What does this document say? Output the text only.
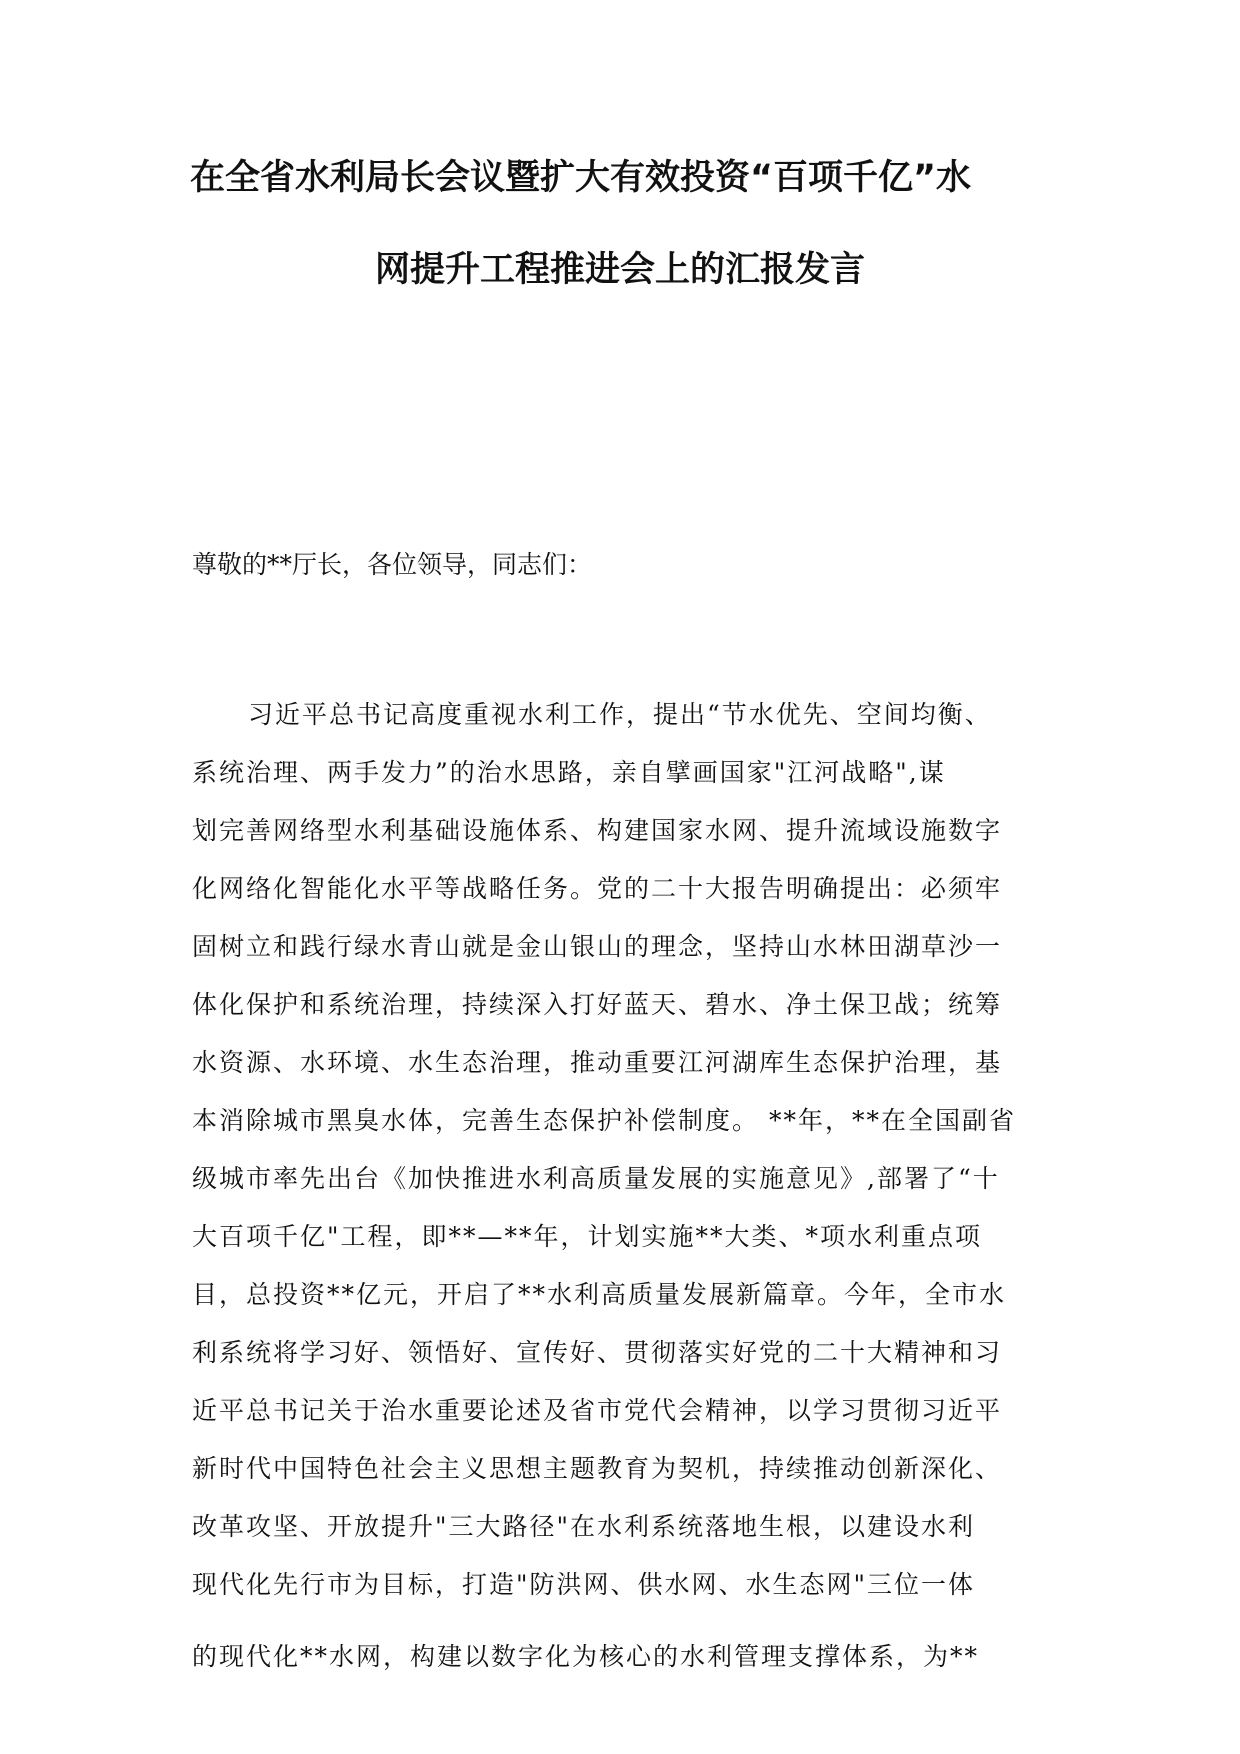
在全省水利局长会议暨扩大有效投资“百项千亿”水
网提升工程推进会上的汇报发言
尊敬的**厅长，各位领导，同志们：
习近平总书记高度重视水利工作，提出“节水优先、空间均衡、
系统治理、两手发力”的治水思路，亲自擘画国家"江河战略",谋
划完善网络型水利基础设施体系、构建国家水网、提升流域设施数字
化网络化智能化水平等战略任务。党的二十大报告明确提出：必须牢
固树立和践行绿水青山就是金山银山的理念，坚持山水林田湖草沙一
体化保护和系统治理，持续深入打好蓝天、碧水、净土保卫战；统筹
水资源、水环境、水生态治理，推动重要江河湖库生态保护治理，基
本消除城市黑臭水体，完善生态保护补偿制度。 **年，**在全国副省
级城市率先出台《加快推进水利高质量发展的实施意见》,部署了“十
大百项千亿"工程，即**—**年，计划实施**大类、*项水利重点项
目，总投资**亿元，开启了**水利高质量发展新篇章。今年，全市水
利系统将学习好、领悟好、宣传好、贯彻落实好党的二十大精神和习
近平总书记关于治水重要论述及省市党代会精神，以学习贯彻习近平
新时代中国特色社会主义思想主题教育为契机，持续推动创新深化、
改革攻坚、开放提升"三大路径"在水利系统落地生根，以建设水利
现代化先行市为目标，打造"防洪网、供水网、水生态网"三位一体
的现代化**水网，构建以数字化为核心的水利管理支撑体系，为**
